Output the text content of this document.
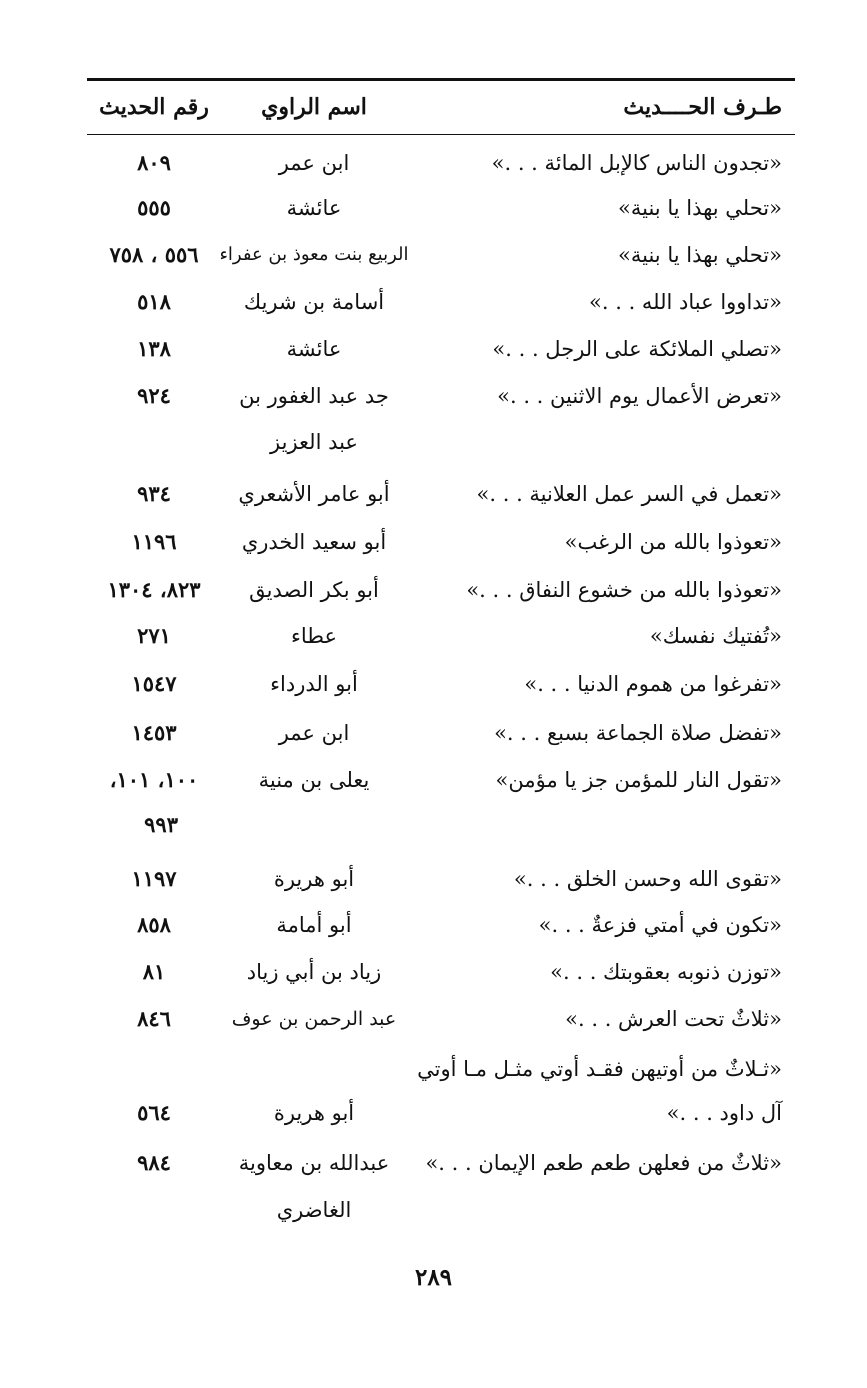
طـرف الحــــديث
اسم الراوي
رقم الحديث
«تجدون الناس كالإبل المائة . . .»
ابن عمر
٨٠٩
«تحلي بهذا يا بنية»
عائشة
٥٥٥
«تحلي بهذا يا بنية»
الربيع بنت معوذ بن عفراء
٥٥٦ ، ٧٥٨
«تداووا عباد الله . . .»
أسامة بن شريك
٥١٨
«تصلي الملائكة على الرجل . . .»
عائشة
١٣٨
«تعرض الأعمال يوم الاثنين . . .»
جد عبد الغفور بن
٩٢٤
عبد العزيز
«تعمل في السر عمل العلانية . . .»
أبو عامر الأشعري
٩٣٤
«تعوذوا بالله من الرغب»
أبو سعيد الخدري
١١٩٦
«تعوذوا بالله من خشوع النفاق . . .»
أبو بكر الصديق
٨٢٣، ١٣٠٤
«تُفتيك نفسك»
عطاء
٢٧١
«تفرغوا من هموم الدنيا . . .»
أبو الدرداء
١٥٤٧
«تفضل صلاة الجماعة بسبع . . .»
ابن عمر
١٤٥٣
«تقول النار للمؤمن جز يا مؤمن»
يعلى بن منية
١٠٠، ١٠١،
٩٩٣
«تقوى الله وحسن الخلق . . .»
أبو هريرة
١١٩٧
«تكون في أمتي فزعةٌ . . .»
أبو أمامة
٨٥٨
«توزن ذنوبه بعقوبتك . . .»
زياد بن أبي زياد
٨١
«ثلاثٌ تحت العرش . . .»
عبد الرحمن بن عوف
٨٤٦
«ثـلاثٌ من أوتيهن فقـد أوتي مثـل مـا أوتي
آل داود . . .»
أبو هريرة
٥٦٤
«ثلاثٌ من فعلهن طعم طعم الإيمان . . .»
عبدالله بن معاوية
٩٨٤
الغاضري
٢٨٩
